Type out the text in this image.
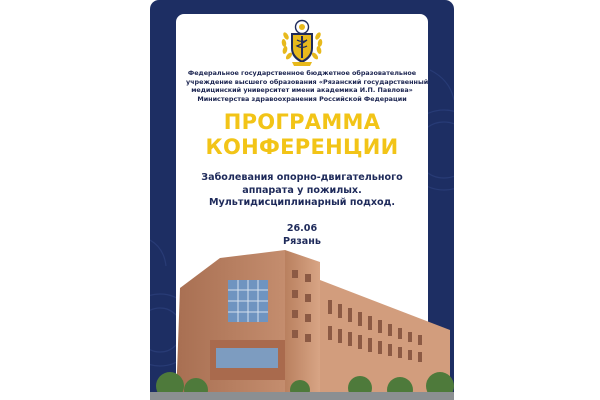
Федеральное государственное бюджетное образовательное
учреждение высшего образования «Рязанский государственный
медицинский университет имени академика И.П. Павлова»
Министерства здравоохранения Российской Федерации

ПРОГРАММА
КОНФЕРЕНЦИИ
Заболевания опорно-двигательного
аппарата у пожилых.
Мультидисциплинарный подход.
26.06
Рязань
